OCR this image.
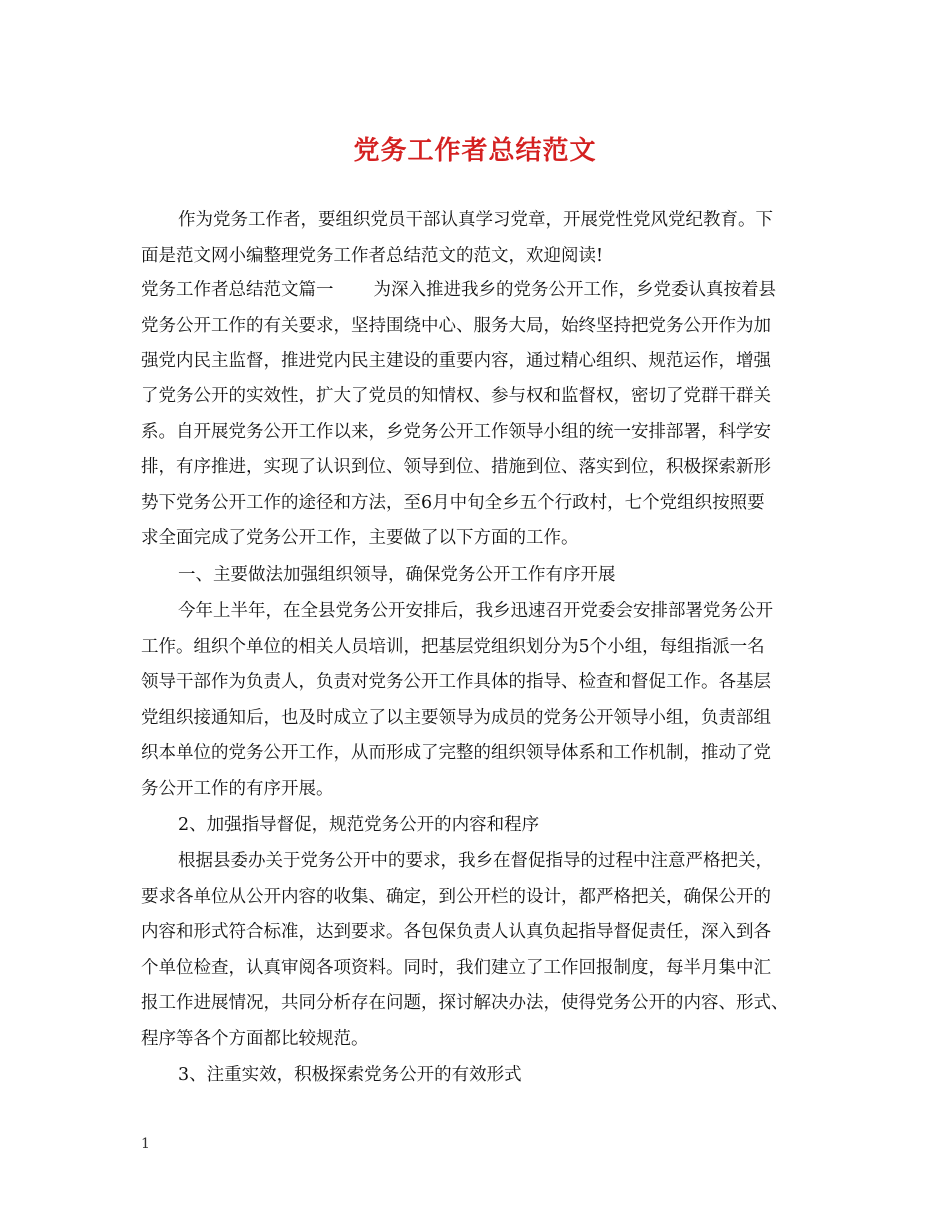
党务工作者总结范文
作为党务工作者，要组织党员干部认真学习党章，开展党性党风党纪教育。下
面是范文网小编整理党务工作者总结范文的范文，欢迎阅读!
党务工作者总结范文篇一 为深入推进我乡的党务公开工作，乡党委认真按着县
党务公开工作的有关要求，坚持围绕中心、服务大局，始终坚持把党务公开作为加
强党内民主监督，推进党内民主建设的重要内容，通过精心组织、规范运作，增强
了党务公开的实效性，扩大了党员的知情权、参与权和监督权，密切了党群干群关
系。自开展党务公开工作以来，乡党务公开工作领导小组的统一安排部署，科学安
排，有序推进，实现了认识到位、领导到位、措施到位、落实到位，积极探索新形
势下党务公开工作的途径和方法，至6月中旬全乡五个行政村，七个党组织按照要
求全面完成了党务公开工作，主要做了以下方面的工作。
一、主要做法加强组织领导，确保党务公开工作有序开展
今年上半年，在全县党务公开安排后，我乡迅速召开党委会安排部署党务公开
工作。组织个单位的相关人员培训，把基层党组织划分为5个小组，每组指派一名
领导干部作为负责人，负责对党务公开工作具体的指导、检查和督促工作。各基层
党组织接通知后，也及时成立了以主要领导为成员的党务公开领导小组，负责部组
织本单位的党务公开工作，从而形成了完整的组织领导体系和工作机制，推动了党
务公开工作的有序开展。
2、加强指导督促，规范党务公开的内容和程序
根据县委办关于党务公开中的要求，我乡在督促指导的过程中注意严格把关，
要求各单位从公开内容的收集、确定，到公开栏的设计，都严格把关，确保公开的
内容和形式符合标准，达到要求。各包保负责人认真负起指导督促责任，深入到各
个单位检查，认真审阅各项资料。同时，我们建立了工作回报制度，每半月集中汇
报工作进展情况，共同分析存在问题，探讨解决办法，使得党务公开的内容、形式、
程序等各个方面都比较规范。
3、注重实效，积极探索党务公开的有效形式
1
